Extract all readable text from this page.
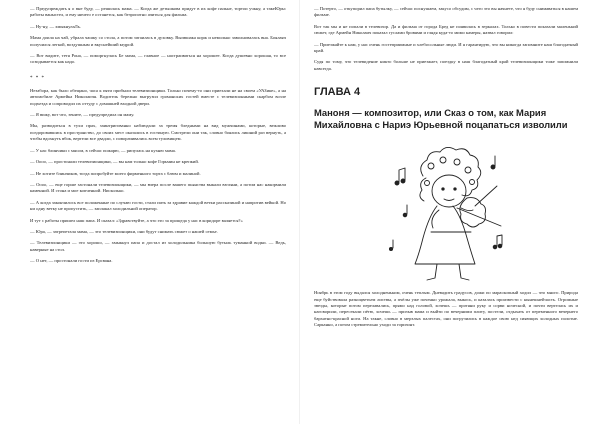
— Предупреждать я о вне буду, — решилась мама. — Когда же детьшкова придут в их кофе пальне, тортои учкну, а такеЮрьс работы ваныстел, и ему ничего е останется, как безропотно ачиться для фильма.

— Ну-ну, — хмыкнулаЛь.

Мама доила на чай, убрала чашку со стола, а потом затаилась в духовку. Выпвшака корж и немолько заволновалась вна. Боялаяч получился легкой, воздушным и вкуснейший кедрой.

— Вот видите, тетя Рона, — поморгнулась Бе мама, — главное — настраиваться на хорошее. Когда душевно хорошая, то все созидывается как надо.

* * *

Незабора, как было обещано, часа к пяти прибыли телевизионщики. Только почему-то они приехали не на своем «УАЗике», а на автомобиле Армейка Николаичя. Водитель бережно выгрузил громанских гостей вместе с телевизионными скарбом возле подъезда и сопроводил их оттуду с домашней входной двери.

— Я вижу, вот что, зените, — предупредила он маму.

Мы, разводиться в тухи прах, заинтригованно наблюдали за тремя бледными на вид мужчинами, которые, вежливо поздоровавшись в пространство, до своих мест оказались в гостиную. Смотрели они так, словно боялись лишний раз вернуть, а чтобы вдохнуть вбок, вертели все двадли, с поворачивались всем туловищем.

— У нас блинчики с мясом, в сейчас пожарю, — рипулась на кухню мама.

— Оооо, — простонали телевизионщики, — вы нам только кофе Горьмин не крепкий.

— Не хотите блинчиков, тогда попробуйте моего фирменного торта с блюм и малиной.

— Оооо, — еще горше застонали телевизионщики, — мы вчера после вашего пьянства выкали взгляни, а потом нас накормили каменной. И стона и мое копченной. Нисколько.

— А когда закончилось все положенные по случаю гости, стали пить за здравие каждой ветки рассказиной и напротив вейкой. Но ни одну ветку не пропустить, — заплакал холодильной оператор.

И тут с работы пришел наш папа. И сказал: «Здравствуйте, а что это за прощеда у нас в коридоре валяется?»

— Юра, — затрепетала мама, — это телевизионщики, они будут снимать сюжет о нашей семье.

— Телевизионщики — это хорошо, — хмыкнул папа и достал из холодильника большую бутыль туманной водки. — Ведь, наверные на стол.

— О нет, — простонали гости из Ерсвана.

— Потерто, — откупорил папа бутылку, — сейчас поснушаем, закусо обсудим, с чего это вы начнете, что я буду снимаваться в нашем фильме.

Вот так мы и не попали в телевизор. Да и фильма от города Бред не появилась в зеркалах. Только в повести показали маленький сюжет, где Армейн Николаич показал гуслами бровями и глядя куда-то мимо камеры, назвал говорил:

— Приезжайте к нам, у нас очень гостеприимные и хлебосольные люди. И я гарантирую, что вы никогда запомните наш благодатный край.

Судя по тому, что телевидение никто больше не приезжает, поездку в наш благодатный край телевизионщики тоже запомнили навсегда.

ГЛАВА 4
Маноня — композитор, или Сказ о том, как Мария Михайловна с Нариэ Юрьевной поцапаться изволили

Ноябрь в этом году выдался холодненьким, очень теплым. Дневадить градусов, дожи по мараскопный ходил — что много. Природа еще буйствовала разноцветьем листвы, а пчёлы уже поченно урожала, выкось, и казалась произвести с нынешнейчасть. Огромные звезды, которые потом перелавались, прямо над головой, хочешь — протяни руку и сорви ночесной, и почти вертелась их и наговорили, пересекали пётю, хочешь — призыв мама и выйти по вечерними плиту, постели, отдыхать от переменного вечернего бархатно-красной ноги. На такне, словно в мерзлых палестах, они погрузились в каждое свою нед сияющих холодных полотне. Сарканно, а потом стремительно уходи за горизонт.
